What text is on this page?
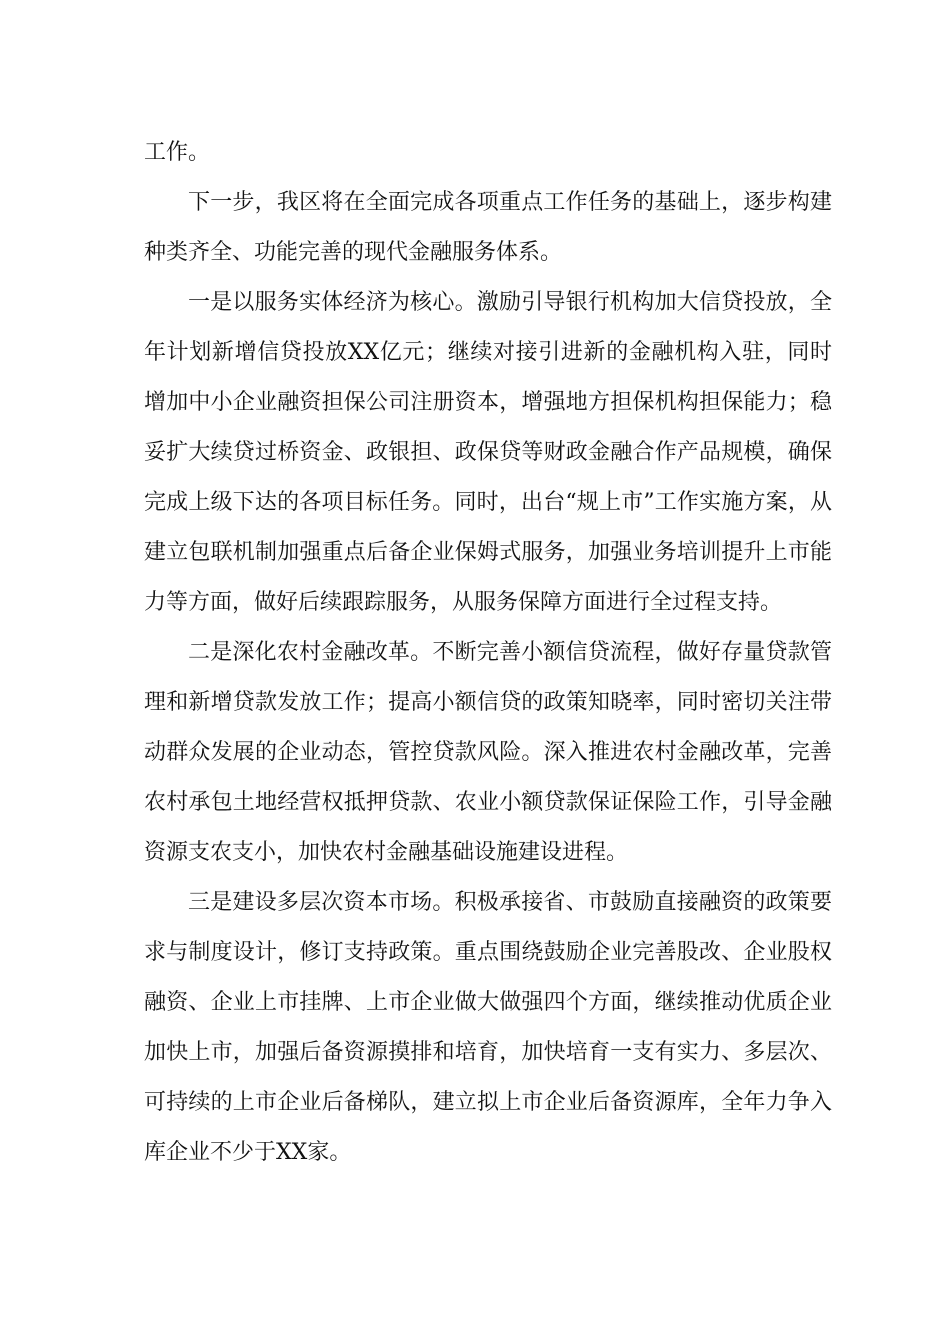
工作。

下一步，我区将在全面完成各项重点工作任务的基础上，逐步构建种类齐全、功能完善的现代金融服务体系。

一是以服务实体经济为核心。激励引导银行机构加大信贷投放，全年计划新增信贷投放XX亿元；继续对接引进新的金融机构入驻，同时增加中小企业融资担保公司注册资本，增强地方担保机构担保能力；稳妥扩大续贷过桥资金、政银担、政保贷等财政金融合作产品规模，确保完成上级下达的各项目标任务。同时，出台“规上市”工作实施方案，从建立包联机制加强重点后备企业保姆式服务，加强业务培训提升上市能力等方面，做好后续跟踪服务，从服务保障方面进行全过程支持。

二是深化农村金融改革。不断完善小额信贷流程，做好存量贷款管理和新增贷款发放工作；提高小额信贷的政策知晓率，同时密切关注带动群众发展的企业动态，管控贷款风险。深入推进农村金融改革，完善农村承包土地经营权抵押贷款、农业小额贷款保证保险工作，引导金融资源支农支小，加快农村金融基础设施建设进程。

三是建设多层次资本市场。积极承接省、市鼓励直接融资的政策要求与制度设计，修订支持政策。重点围绕鼓励企业完善股改、企业股权融资、企业上市挂牌、上市企业做大做强四个方面，继续推动优质企业加快上市，加强后备资源摸排和培育，加快培育一支有实力、多层次、可持续的上市企业后备梯队，建立拟上市企业后备资源库，全年力争入库企业不少于XX家。
